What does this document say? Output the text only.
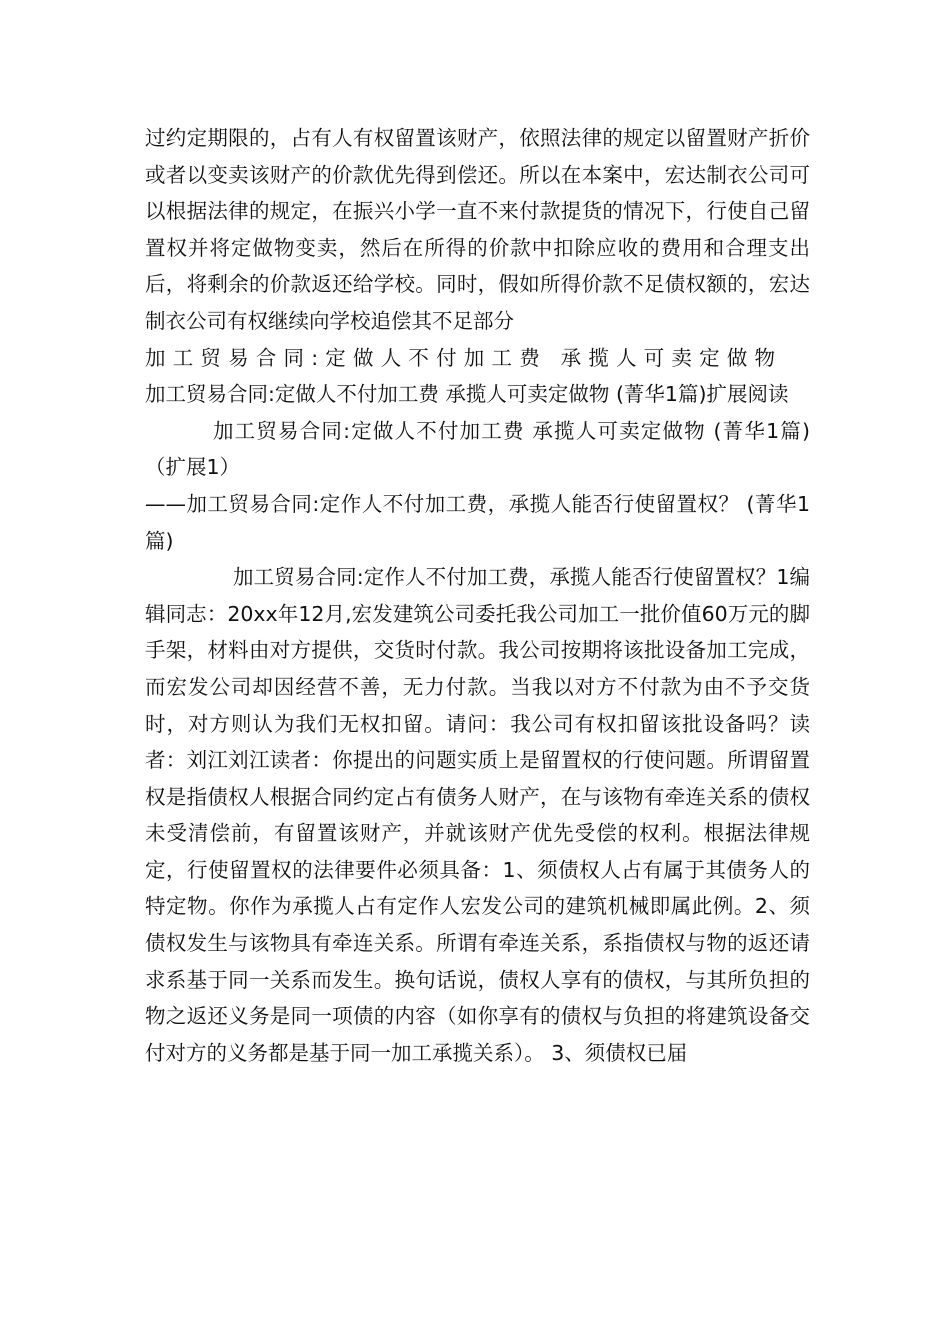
过约定期限的，占有人有权留置该财产，依照法律的规定以留置财产折价或者以变卖该财产的价款优先得到偿还。所以在本案中，宏达制衣公司可以根据法律的规定，在振兴小学一直不来付款提货的情况下，行使自己留置权并将定做物变卖，然后在所得的价款中扣除应收的费用和合理支出后，将剩余的价款返还给学校。同时，假如所得价款不足债权额的，宏达制衣公司有权继续向学校追偿其不足部分

加工贸易合同:定做人不付加工费 承揽人可卖定做物

加工贸易合同:定做人不付加工费 承揽人可卖定做物 (菁华1篇)扩展阅读

加工贸易合同:定做人不付加工费 承揽人可卖定做物 (菁华1篇)（扩展1）

——加工贸易合同:定作人不付加工费，承揽人能否行使留置权？ (菁华1篇)

加工贸易合同:定作人不付加工费，承揽人能否行使留置权？1编辑同志：20xx年12月,宏发建筑公司委托我公司加工一批价值60万元的脚手架，材料由对方提供，交货时付款。我公司按期将该批设备加工完成，而宏发公司却因经营不善，无力付款。当我以对方不付款为由不予交货时，对方则认为我们无权扣留。请问：我公司有权扣留该批设备吗？读者：刘江刘江读者：你提出的问题实质上是留置权的行使问题。所谓留置权是指债权人根据合同约定占有债务人财产，在与该物有牵连关系的债权未受清偿前，有留置该财产，并就该财产优先受偿的权利。根据法律规定，行使留置权的法律要件必须具备：1、须债权人占有属于其债务人的特定物。你作为承揽人占有定作人宏发公司的建筑机械即属此例。2、须债权发生与该物具有牵连关系。所谓有牵连关系，系指债权与物的返还请求系基于同一关系而发生。换句话说，债权人享有的债权，与其所负担的物之返还义务是同一项债的内容（如你享有的债权与负担的将建筑设备交付对方的义务都是基于同一加工承揽关系）。 3、须债权已届
